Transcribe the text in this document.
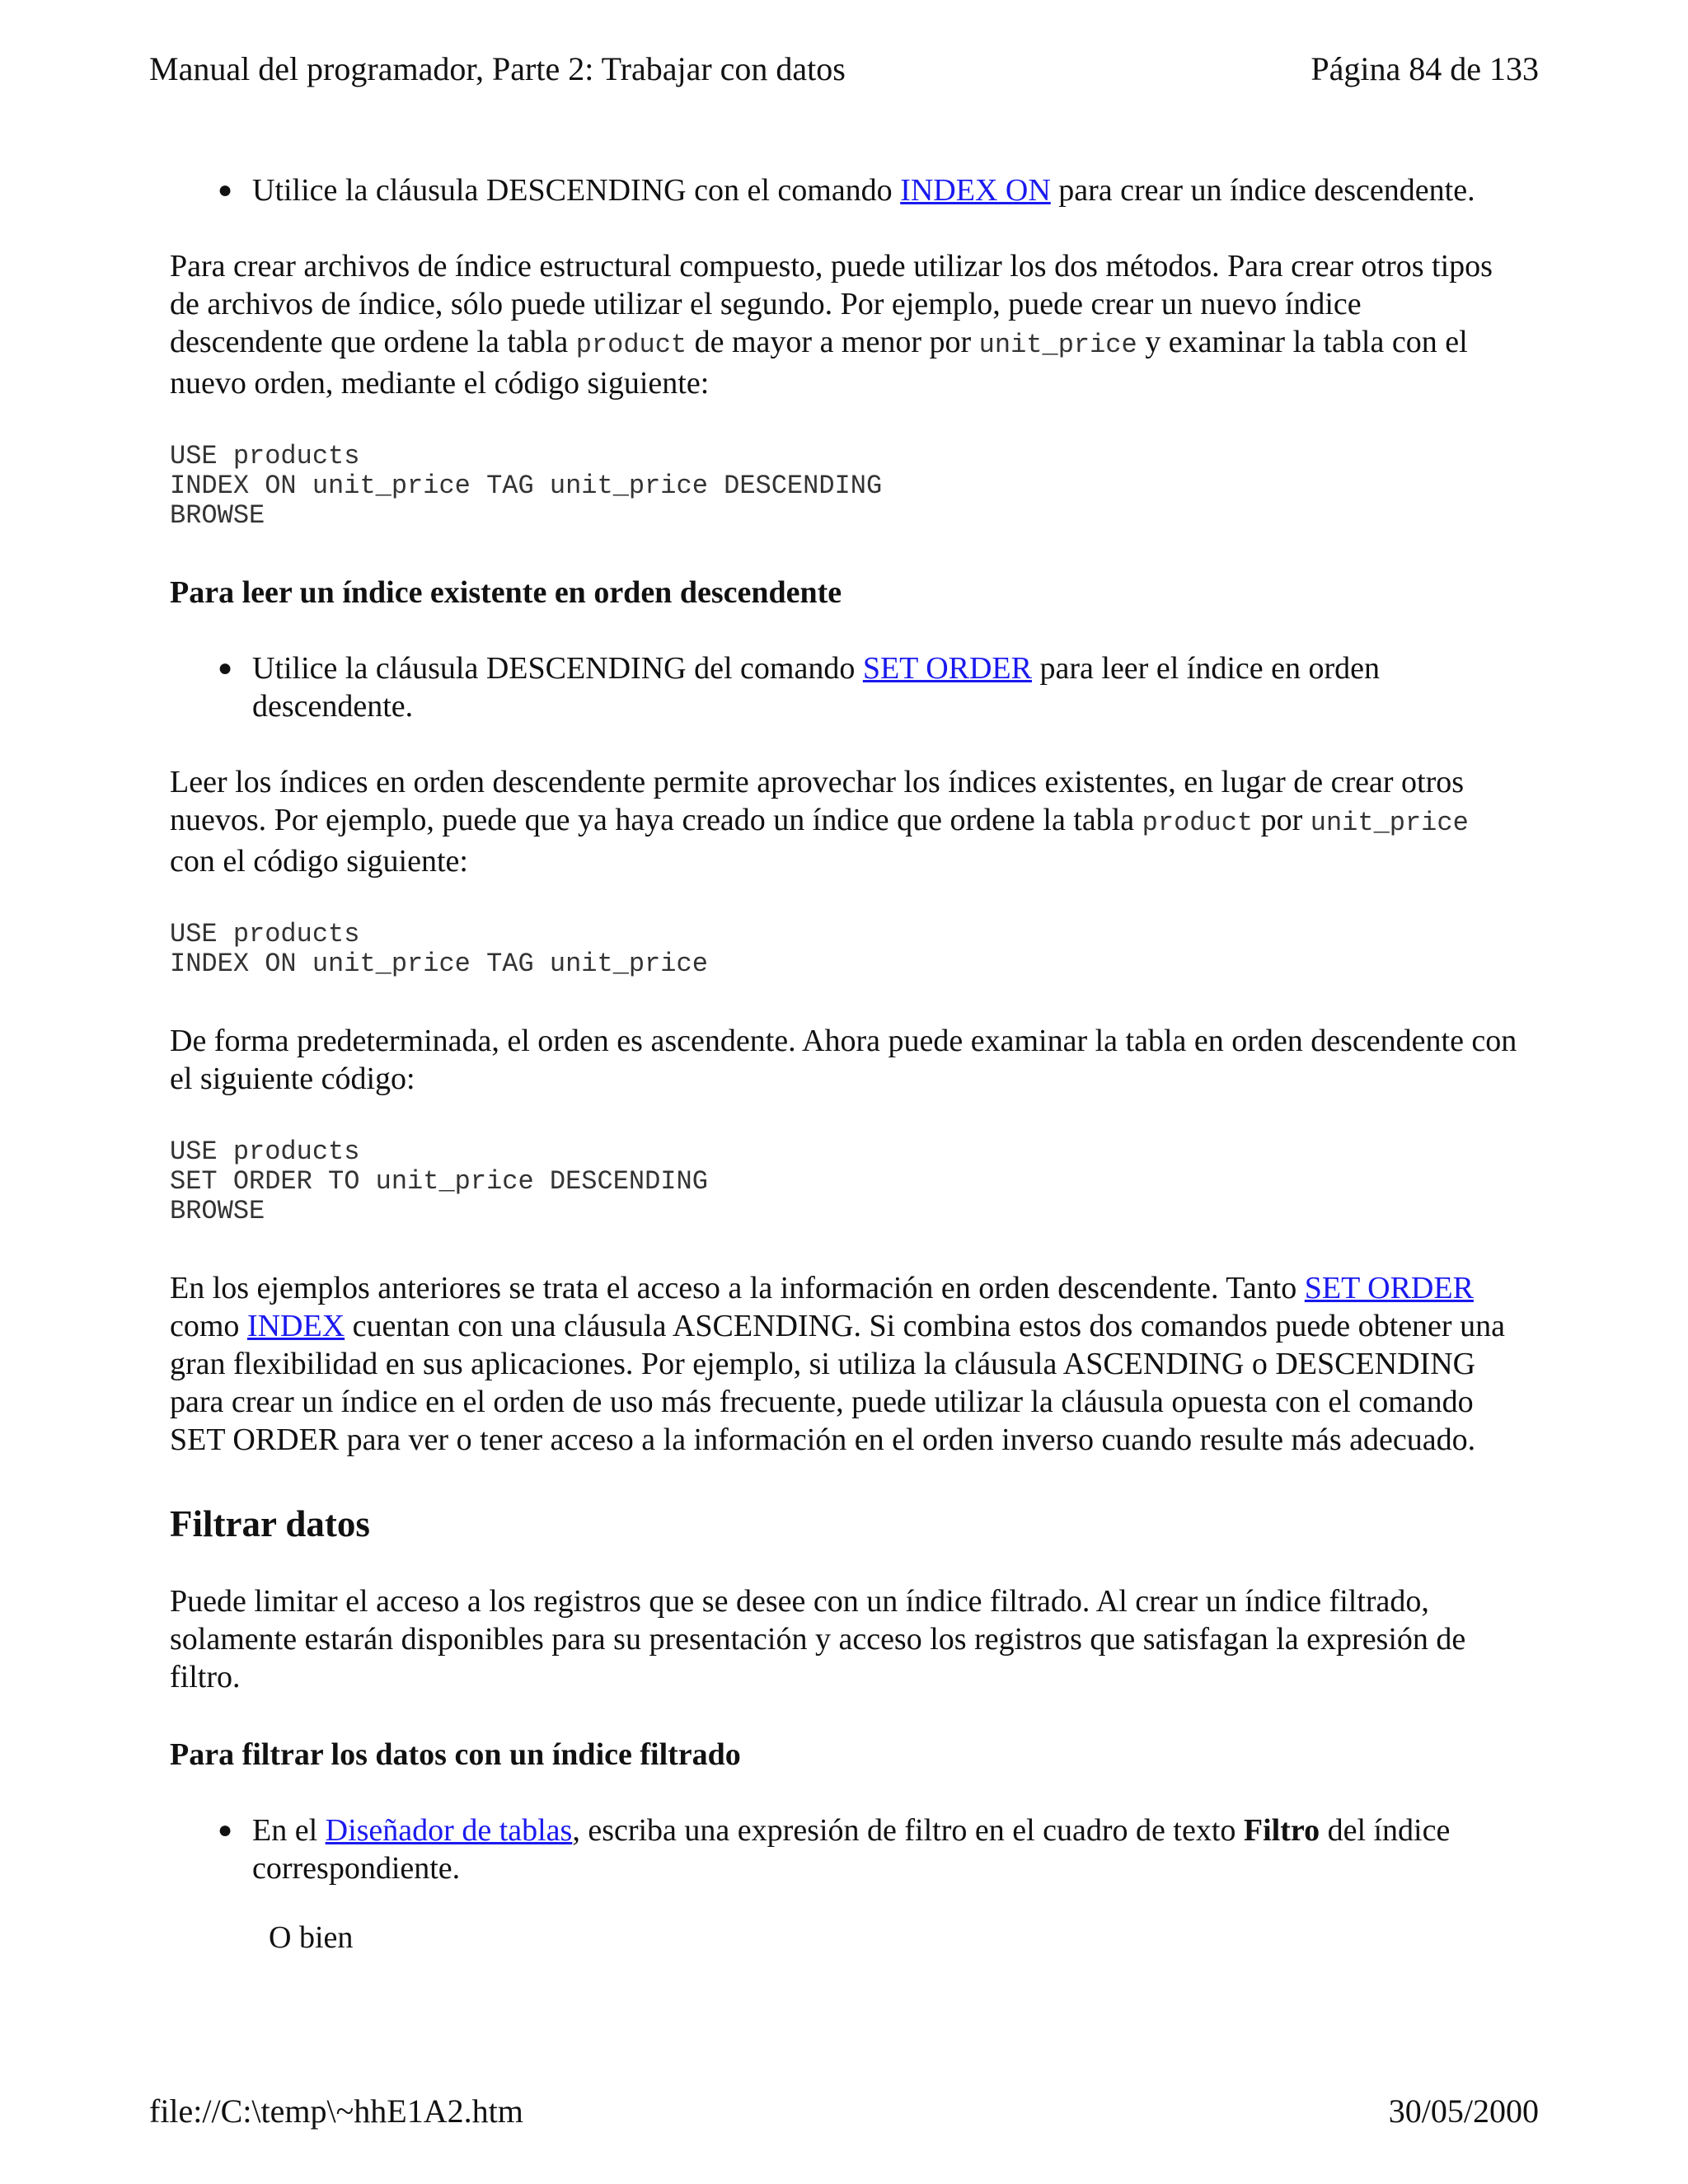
Manual del programador, Parte 2: Trabajar con datos	Página 84 de 133

● Utilice la cláusula DESCENDING con el comando INDEX ON para crear un índice descendente.

Para crear archivos de índice estructural compuesto, puede utilizar los dos métodos. Para crear otros tipos de archivos de índice, sólo puede utilizar el segundo. Por ejemplo, puede crear un nuevo índice descendente que ordene la tabla product de mayor a menor por unit_price y examinar la tabla con el nuevo orden, mediante el código siguiente:

USE products
INDEX ON unit_price TAG unit_price DESCENDING
BROWSE
Para leer un índice existente en orden descendente

● Utilice la cláusula DESCENDING del comando SET ORDER para leer el índice en orden descendente.

Leer los índices en orden descendente permite aprovechar los índices existentes, en lugar de crear otros nuevos. Por ejemplo, puede que ya haya creado un índice que ordene la tabla product por unit_price con el código siguiente:

USE products
INDEX ON unit_price TAG unit_price

De forma predeterminada, el orden es ascendente. Ahora puede examinar la tabla en orden descendente con el siguiente código:

USE products
SET ORDER TO unit_price DESCENDING
BROWSE

En los ejemplos anteriores se trata el acceso a la información en orden descendente. Tanto SET ORDER como INDEX cuentan con una cláusula ASCENDING. Si combina estos dos comandos puede obtener una gran flexibilidad en sus aplicaciones. Por ejemplo, si utiliza la cláusula ASCENDING o DESCENDING para crear un índice en el orden de uso más frecuente, puede utilizar la cláusula opuesta con el comando SET ORDER para ver o tener acceso a la información en el orden inverso cuando resulte más adecuado.

Filtrar datos

Puede limitar el acceso a los registros que se desee con un índice filtrado. Al crear un índice filtrado, solamente estarán disponibles para su presentación y acceso los registros que satisfagan la expresión de filtro.

Para filtrar los datos con un índice filtrado

● En el Diseñador de tablas, escriba una expresión de filtro en el cuadro de texto Filtro del índice correspondiente.

O bien

file://C:\temp\~hhE1A2.htm	30/05/2000
